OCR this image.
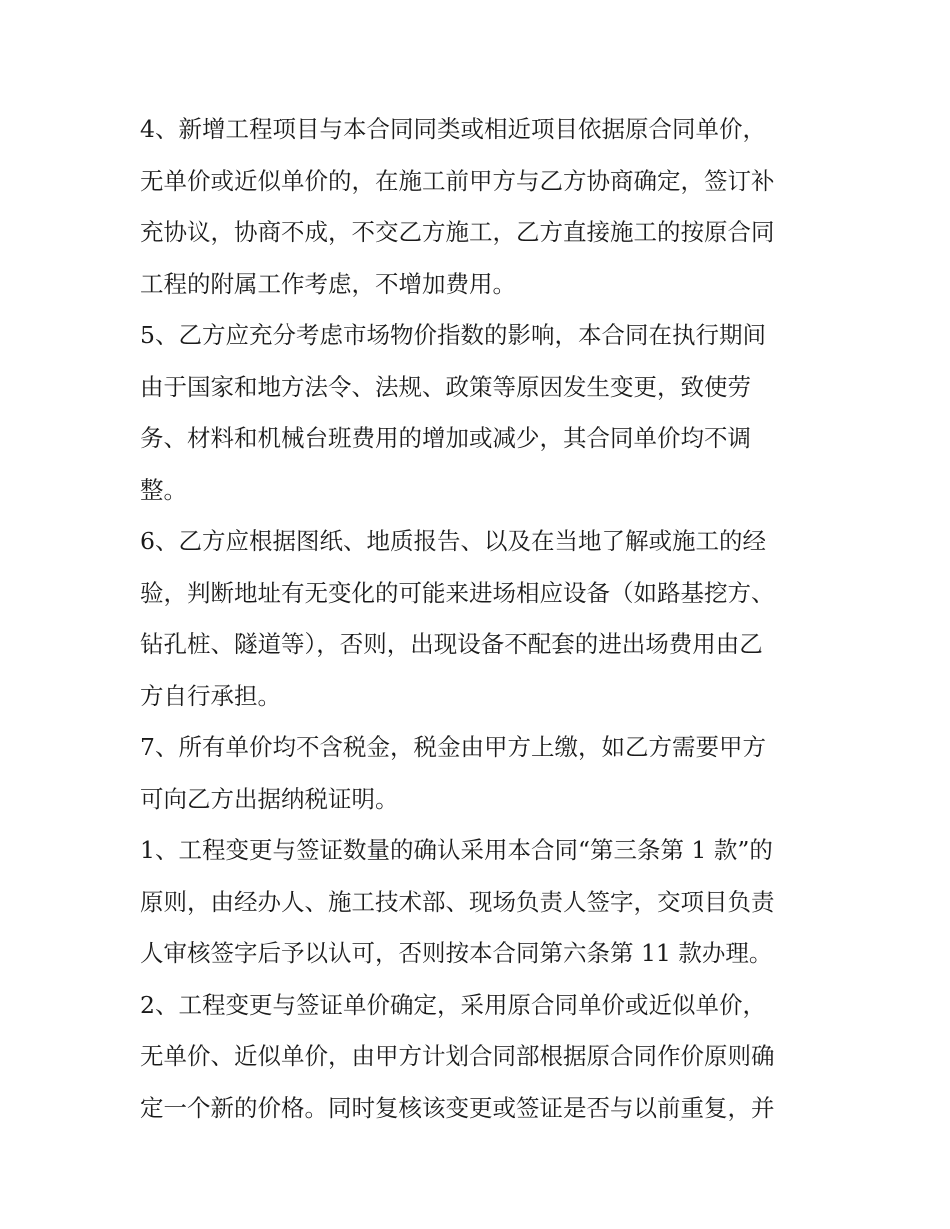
4、新增工程项目与本合同同类或相近项目依据原合同单价，
无单价或近似单价的，在施工前甲方与乙方协商确定，签订补
充协议，协商不成，不交乙方施工，乙方直接施工的按原合同
工程的附属工作考虑，不增加费用。
5、乙方应充分考虑市场物价指数的影响，本合同在执行期间
由于国家和地方法令、法规、政策等原因发生变更，致使劳
务、材料和机械台班费用的增加或减少，其合同单价均不调
整。
6、乙方应根据图纸、地质报告、以及在当地了解或施工的经
验，判断地址有无变化的可能来进场相应设备（如路基挖方、
钻孔桩、隧道等），否则，出现设备不配套的进出场费用由乙
方自行承担。
7、所有单价均不含税金，税金由甲方上缴，如乙方需要甲方
可向乙方出据纳税证明。
1、工程变更与签证数量的确认采用本合同“第三条第 1 款”的
原则，由经办人、施工技术部、现场负责人签字，交项目负责
人审核签字后予以认可，否则按本合同第六条第 11 款办理。
2、工程变更与签证单价确定，采用原合同单价或近似单价，
无单价、近似单价，由甲方计划合同部根据原合同作价原则确
定一个新的价格。同时复核该变更或签证是否与以前重复，并
